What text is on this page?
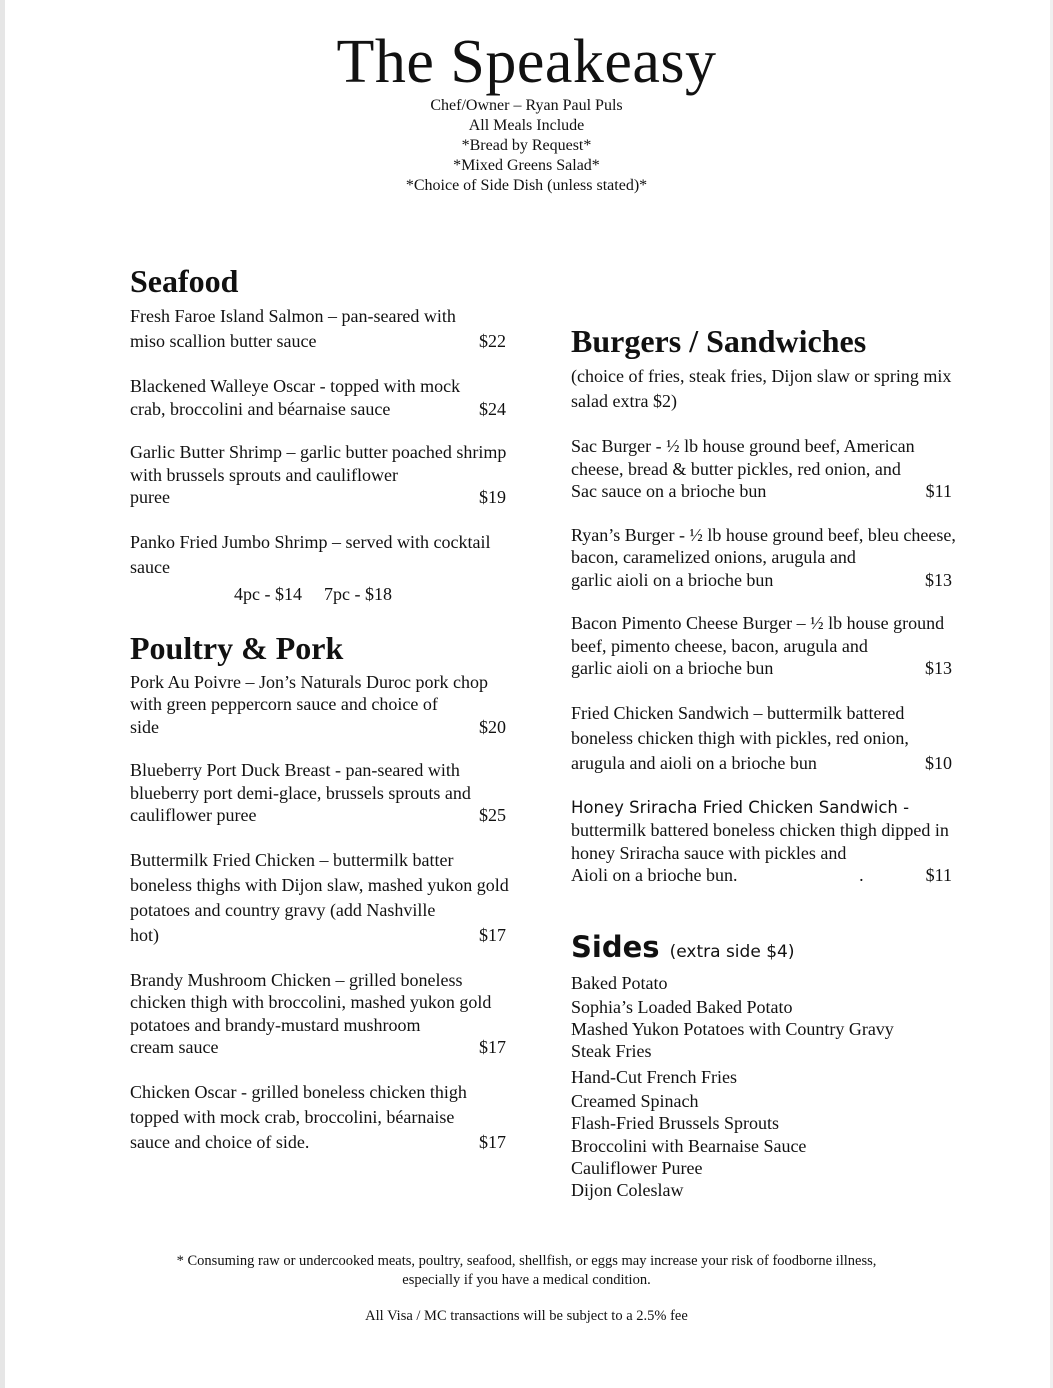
The Speakeasy
Chef/Owner – Ryan Paul Puls
All Meals Include
*Bread by Request*
*Mixed Greens Salad*
*Choice of Side Dish (unless stated)*
Seafood
Fresh Faroe Island Salmon – pan-seared with
miso scallion butter sauce	$22
Blackened Walleye Oscar - topped with mock
crab, broccolini and béarnaise sauce	$24
Garlic Butter Shrimp – garlic butter poached shrimp with brussels sprouts and cauliflower
puree	$19
Panko Fried Jumbo Shrimp – served with cocktail sauce
4pc - $14 7pc - $18
Poultry & Pork
Pork Au Poivre – Jon’s Naturals Duroc pork chop with green peppercorn sauce and choice of
side	$20
Blueberry Port Duck Breast - pan-seared with blueberry port demi-glace, brussels sprouts and
cauliflower puree	$25
Buttermilk Fried Chicken – buttermilk batter boneless thighs with Dijon slaw, mashed yukon gold potatoes and country gravy (add Nashville
hot)	$17
Brandy Mushroom Chicken – grilled boneless chicken thigh with broccolini, mashed yukon gold potatoes and brandy-mustard mushroom
cream sauce	$17
Chicken Oscar - grilled boneless chicken thigh topped with mock crab, broccolini, béarnaise
sauce and choice of side.	$17
Burgers / Sandwiches
(choice of fries, steak fries, Dijon slaw or spring mix salad extra $2)
Sac Burger - ½ lb house ground beef, American cheese, bread & butter pickles, red onion, and
Sac sauce on a brioche bun	$11
Ryan’s Burger - ½ lb house ground beef, bleu cheese, bacon, caramelized onions, arugula and
garlic aioli on a brioche bun	$13
Bacon Pimento Cheese Burger – ½ lb house ground beef, pimento cheese, bacon, arugula and
garlic aioli on a brioche bun	$13
Fried Chicken Sandwich – buttermilk battered boneless chicken thigh with pickles, red onion,
arugula and aioli on a brioche bun	$10
Honey Sriracha Fried Chicken Sandwich -
buttermilk battered boneless chicken thigh dipped in honey Sriracha sauce with pickles and
Aioli on a brioche bun.	.	$11
Sides (extra side $4)
Baked Potato
Sophia’s Loaded Baked Potato
Mashed Yukon Potatoes with Country Gravy
Steak Fries
Hand-Cut French Fries
Creamed Spinach
Flash-Fried Brussels Sprouts
Broccolini with Bearnaise Sauce
Cauliflower Puree
Dijon Coleslaw
* Consuming raw or undercooked meats, poultry, seafood, shellfish, or eggs may increase your risk of foodborne illness,
especially if you have a medical condition.
All Visa / MC transactions will be subject to a 2.5% fee
